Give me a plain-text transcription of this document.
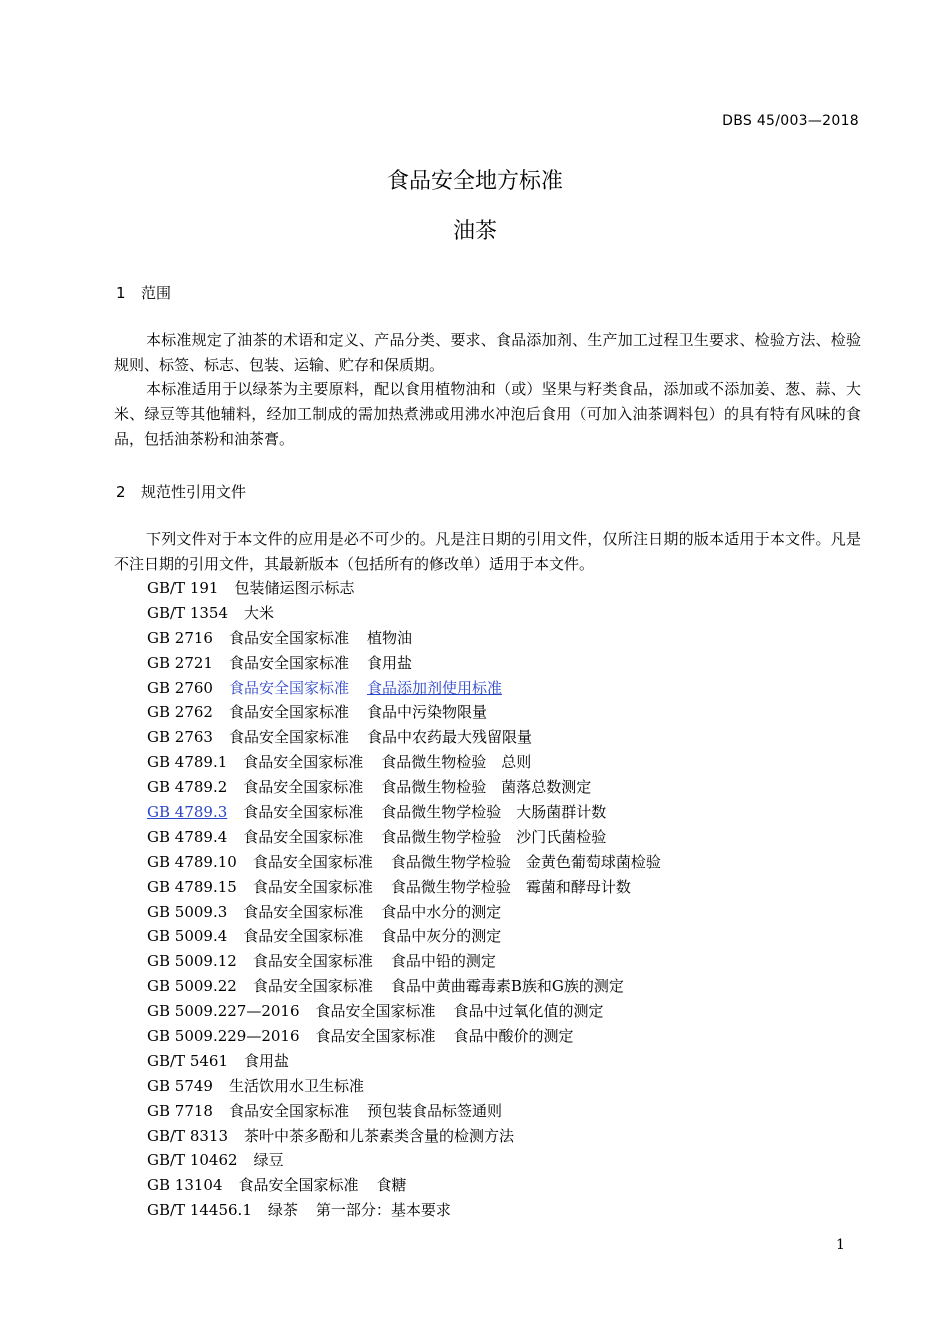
DBS 45/003—2018
食品安全地方标准
油茶
1 范围

本标准规定了油茶的术语和定义、产品分类、要求、食品添加剂、生产加工过程卫生要求、检验方法、检验规则、标签、标志、包装、运输、贮存和保质期。

本标准适用于以绿茶为主要原料，配以食用植物油和（或）坚果与籽类食品，添加或不添加姜、葱、蒜、大米、绿豆等其他辅料，经加工制成的需加热煮沸或用沸水冲泡后食用（可加入油茶调料包）的具有特有风味的食品，包括油茶粉和油茶膏。

2 规范性引用文件

下列文件对于本文件的应用是必不可少的。凡是注日期的引用文件，仅所注日期的版本适用于本文件。凡是不注日期的引用文件，其最新版本（包括所有的修改单）适用于本文件。

GB/T 191 包装储运图示标志
GB/T 1354 大米
GB 2716 食品安全国家标准 植物油
GB 2721 食品安全国家标准 食用盐
GB 2760 食品安全国家标准 食品添加剂使用标准
GB 2762 食品安全国家标准 食品中污染物限量
GB 2763 食品安全国家标准 食品中农药最大残留限量
GB 4789.1 食品安全国家标准 食品微生物检验　总则
GB 4789.2 食品安全国家标准 食品微生物检验　菌落总数测定
GB 4789.3 食品安全国家标准 食品微生物学检验　大肠菌群计数
GB 4789.4 食品安全国家标准 食品微生物学检验　沙门氏菌检验
GB 4789.10 食品安全国家标准 食品微生物学检验　金黄色葡萄球菌检验
GB 4789.15 食品安全国家标准 食品微生物学检验　霉菌和酵母计数
GB 5009.3 食品安全国家标准 食品中水分的测定
GB 5009.4 食品安全国家标准 食品中灰分的测定
GB 5009.12 食品安全国家标准 食品中铅的测定
GB 5009.22 食品安全国家标准 食品中黄曲霉毒素B族和G族的测定
GB 5009.227—2016 食品安全国家标准 食品中过氧化值的测定
GB 5009.229—2016 食品安全国家标准 食品中酸价的测定
GB/T 5461 食用盐
GB 5749 生活饮用水卫生标准
GB 7718 食品安全国家标准 预包装食品标签通则
GB/T 8313 茶叶中茶多酚和儿茶素类含量的检测方法
GB/T 10462 绿豆
GB 13104 食品安全国家标准 食糖
GB/T 14456.1 绿茶 第一部分：基本要求
1
